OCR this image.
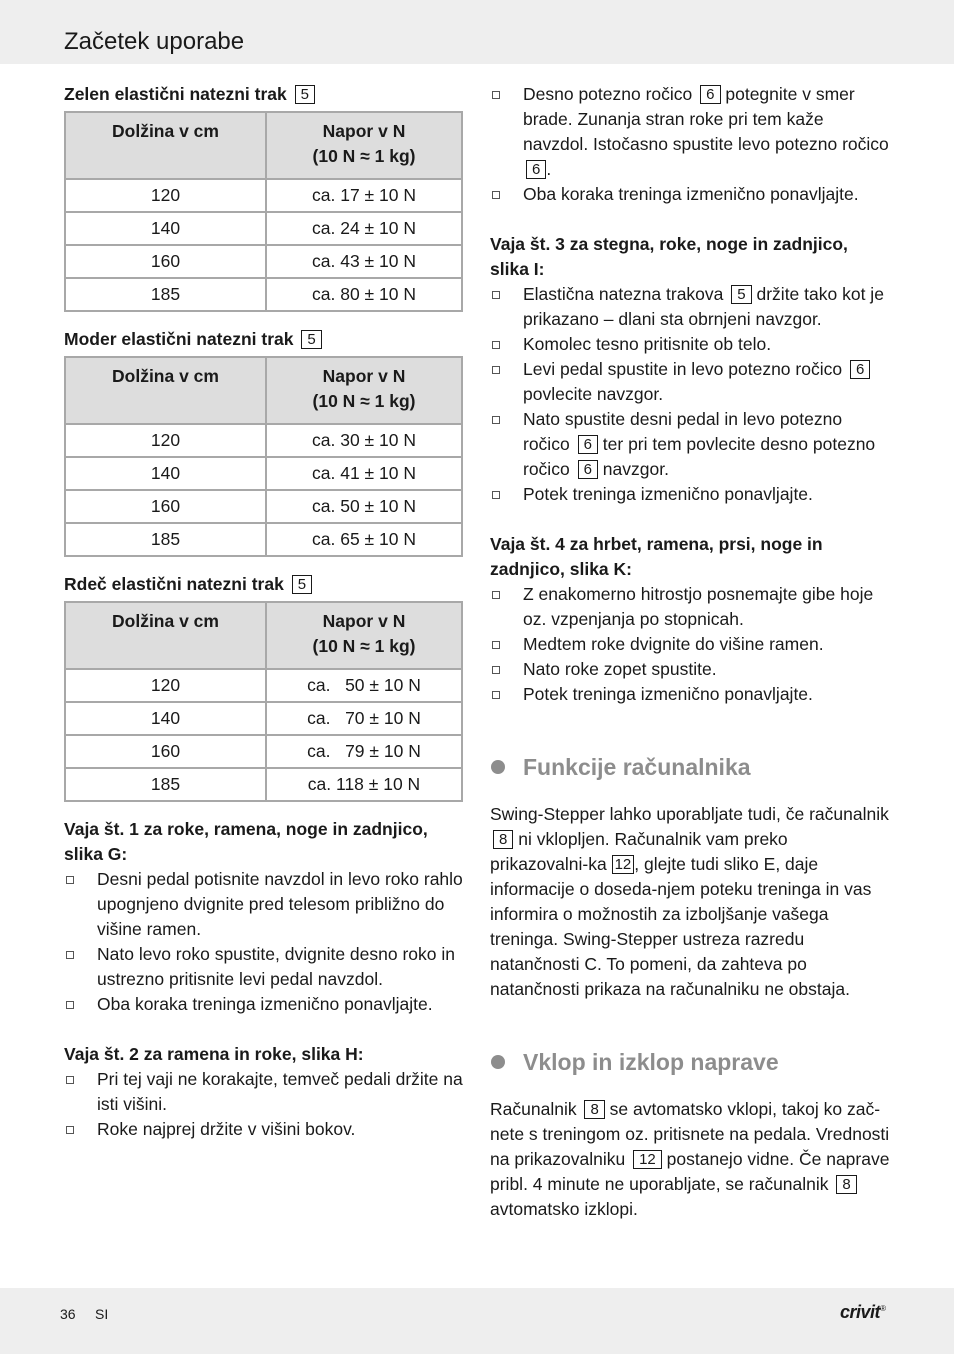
Začetek uporabe

Zelen elastični natezni trak 5

Dolžina v cm	Napor v N
(10 N ≈ 1 kg)
120	ca. 17 ± 10 N
140	ca. 24 ± 10 N
160	ca. 43 ± 10 N
185	ca. 80 ± 10 N

Moder elastični natezni trak 5

Dolžina v cm	Napor v N
(10 N ≈ 1 kg)
120	ca. 30 ± 10 N
140	ca. 41 ± 10 N
160	ca. 50 ± 10 N
185	ca. 65 ± 10 N

Rdeč elastični natezni trak 5

Dolžina v cm	Napor v N
(10 N ≈ 1 kg)
120	ca.   50 ± 10 N
140	ca.   70 ± 10 N
160	ca.   79 ± 10 N
185	ca. 118 ± 10 N

Vaja št. 1 za roke, ramena, noge in zadnjico, slika G:

Desni pedal potisnite navzdol in levo roko rahlo upognjeno dvignite pred telesom približno do višine ramen.
Nato levo roko spustite, dvignite desno roko in ustrezno pritisnite levi pedal navzdol.
Oba koraka treninga izmenično ponavljajte.

Vaja št. 2 za ramena in roke, slika H:

Pri tej vaji ne korakajte, temveč pedali držite na isti višini.
Roke najprej držite v višini bokov.
Desno potezno ročico 6 potegnite v smer brade. Zunanja stran roke pri tem kaže navzdol. Istočasno spustite levo potezno ročico 6 .
Oba koraka treninga izmenično ponavljajte.

Vaja št. 3 za stegna, roke, noge in zadnjico, slika I:

Elastična natezna trakova 5 držite tako kot je prikazano – dlani sta obrnjeni navzgor.
Komolec tesno pritisnite ob telo.
Levi pedal spustite in levo potezno ročico 6 povlecite navzgor.
Nato spustite desni pedal in levo potezno ročico 6 ter pri tem povlecite desno potezno ročico 6 navzgor.
Potek treninga izmenično ponavljajte.

Vaja št. 4 za hrbet, ramena, prsi, noge in zadnjico, slika K:

Z enakomerno hitrostjo posnemajte gibe hoje oz. vzpenjanja po stopnicah.
Medtem roke dvignite do višine ramen.
Nato roke zopet spustite.
Potek treninga izmenično ponavljajte.

Funkcije računalnika

Swing-Stepper lahko uporabljate tudi, če računalnik 8 ni vklopljen. Računalnik vam preko prikazovalni-ka 12 , glejte tudi sliko E, daje informacije o doseda-njem poteku treninga in vas informira o možnostih za izboljšanje vašega treninga. Swing-Stepper ustreza razredu natančnosti C. To pomeni, da zahteva po natančnosti prikaza na računalniku ne obstaja.

Vklop in izklop naprave

Računalnik 8 se avtomatsko vklopi, takoj ko zač-nete s treningom oz. pritisnete na pedala. Vrednosti na prikazovalniku 12 postanejo vidne. Če naprave pribl. 4 minute ne uporabljate, se računalnik 8 avtomatsko izklopi.

36 SI	crivit®
